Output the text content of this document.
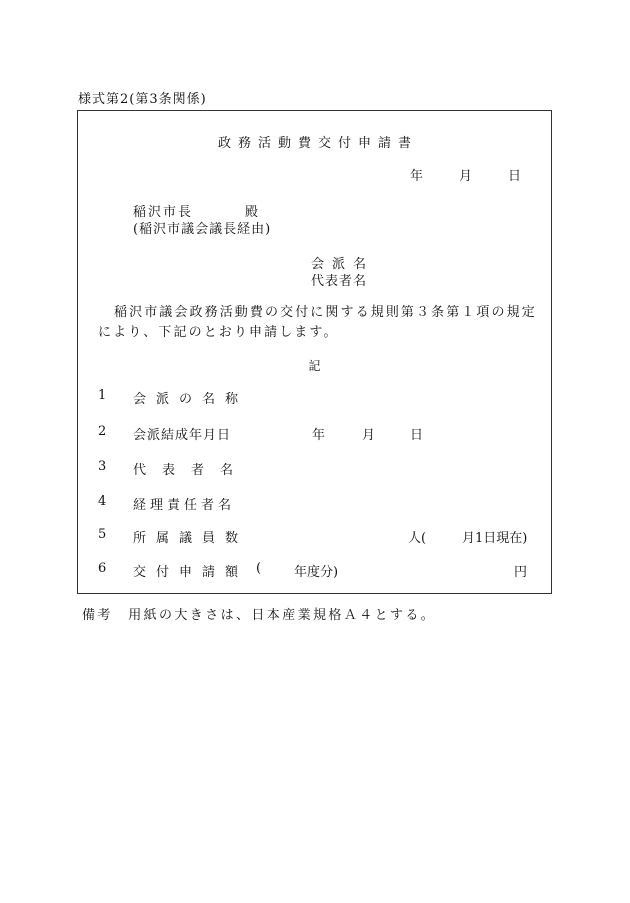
様式第2(第3条関係)
政務活動費交付申請書
年	月	日
稲沢市長	殿
(稲沢市議会議長経由)
会派名
代表者名
稲沢市議会政務活動費の交付に関する規則第３条第１項の規定により、下記のとおり申請します。
記
1 会派の名称
2 会派結成年月日	年	月	日
3 代表者名
4 経理責任者名
5 所属議員数	人(	月1日現在)
6 交付申請額 (	年度分)	円
備考　用紙の大きさは、日本産業規格Ａ４とする。
